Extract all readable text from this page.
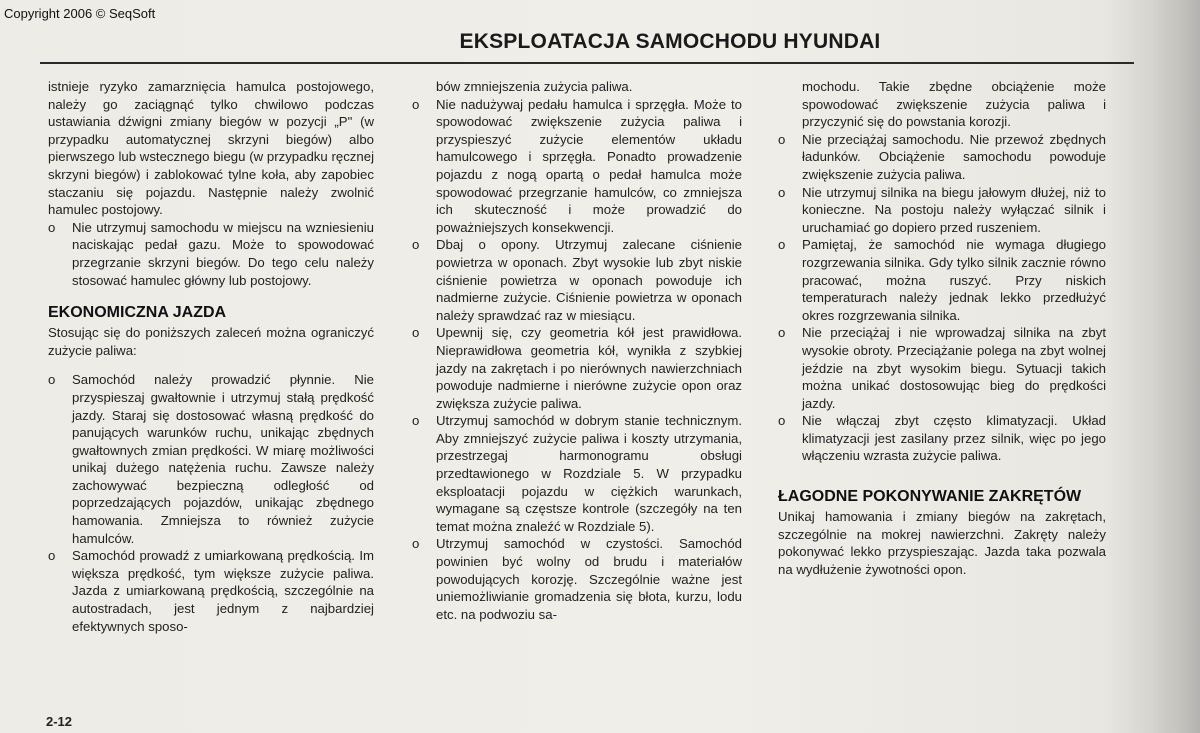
Copyright 2006 © SeqSoft
EKSPLOATACJA SAMOCHODU HYUNDAI

istnieje ryzyko zamarznięcia hamulca postojowego, należy go zaciągnąć tylko chwilowo podczas ustawiania dźwigni zmiany biegów w pozycji „P" (w przypadku automatycznej skrzyni biegów) albo pierwszego lub wstecznego biegu (w przypadku ręcznej skrzyni biegów) i zablokować tylne koła, aby zapobiec staczaniu się pojazdu. Następnie należy zwolnić hamulec postojowy.

o Nie utrzymuj samochodu w miejscu na wzniesieniu naciskając pedał gazu. Może to spowodować przegrzanie skrzyni biegów. Do tego celu należy stosować hamulec główny lub postojowy.

EKONOMICZNA JAZDA

Stosując się do poniższych zaleceń można ograniczyć zużycie paliwa:

o Samochód należy prowadzić płynnie. Nie przyspieszaj gwałtownie i utrzymuj stałą prędkość jazdy. Staraj się dostosować własną prędkość do panujących warunków ruchu, unikając zbędnych gwałtownych zmian prędkości. W miarę możliwości unikaj dużego natężenia ruchu. Zawsze należy zachowywać bezpieczną odległość od poprzedzających pojazdów, unikając zbędnego hamowania. Zmniejsza to również zużycie hamulców.

o Samochód prowadź z umiarkowaną prędkością. Im większa prędkość, tym większe zużycie paliwa. Jazda z umiarkowaną prędkością, szczególnie na autostradach, jest jednym z najbardziej efektywnych sposo-

bów zmniejszenia zużycia paliwa.

o Nie nadużywaj pedału hamulca i sprzęgła. Może to spowodować zwiększenie zużycia paliwa i przyspieszyć zużycie elementów układu hamulcowego i sprzęgła. Ponadto prowadzenie pojazdu z nogą opartą o pedał hamulca może spowodować przegrzanie hamulców, co zmniejsza ich skuteczność i może prowadzić do poważniejszych konsekwencji.

o Dbaj o opony. Utrzymuj zalecane ciśnienie powietrza w oponach. Zbyt wysokie lub zbyt niskie ciśnienie powietrza w oponach powoduje ich nadmierne zużycie. Ciśnienie powietrza w oponach należy sprawdzać raz w miesiącu.

o Upewnij się, czy geometria kół jest prawidłowa. Nieprawidłowa geometria kół, wynikła z szybkiej jazdy na zakrętach i po nierównych nawierzchniach powoduje nadmierne i nierówne zużycie opon oraz zwiększa zużycie paliwa.

o Utrzymuj samochód w dobrym stanie technicznym. Aby zmniejszyć zużycie paliwa i koszty utrzymania, przestrzegaj harmonogramu obsługi przedtawionego w Rozdziale 5. W przypadku eksploatacji pojazdu w ciężkich warunkach, wymagane są częstsze kontrole (szczegóły na ten temat można znaleźć w Rozdziale 5).

o Utrzymuj samochód w czystości. Samochód powinien być wolny od brudu i materiałów powodujących korozję. Szczególnie ważne jest uniemożliwianie gromadzenia się błota, kurzu, lodu etc. na podwoziu sa-

mochodu. Takie zbędne obciążenie może spowodować zwiększenie zużycia paliwa i przyczynić się do powstania korozji.

o Nie przeciążaj samochodu. Nie przewoź zbędnych ładunków. Obciążenie samochodu powoduje zwiększenie zużycia paliwa.

o Nie utrzymuj silnika na biegu jałowym dłużej, niż to konieczne. Na postoju należy wyłączać silnik i uruchamiać go dopiero przed ruszeniem.

o Pamiętaj, że samochód nie wymaga długiego rozgrzewania silnika. Gdy tylko silnik zacznie równo pracować, można ruszyć. Przy niskich temperaturach należy jednak lekko przedłużyć okres rozgrzewania silnika.

o Nie przeciążaj i nie wprowadzaj silnika na zbyt wysokie obroty. Przeciążanie polega na zbyt wolnej jeździe na zbyt wysokim biegu. Sytuacji takich można unikać dostosowując bieg do prędkości jazdy.

o Nie włączaj zbyt często klimatyzacji. Układ klimatyzacji jest zasilany przez silnik, więc po jego włączeniu wzrasta zużycie paliwa.

ŁAGODNE POKONYWANIE ZAKRĘTÓW

Unikaj hamowania i zmiany biegów na zakrętach, szczególnie na mokrej nawierzchni. Zakręty należy pokonywać lekko przyspieszając. Jazda taka pozwala na wydłużenie żywotności opon.

2-12
